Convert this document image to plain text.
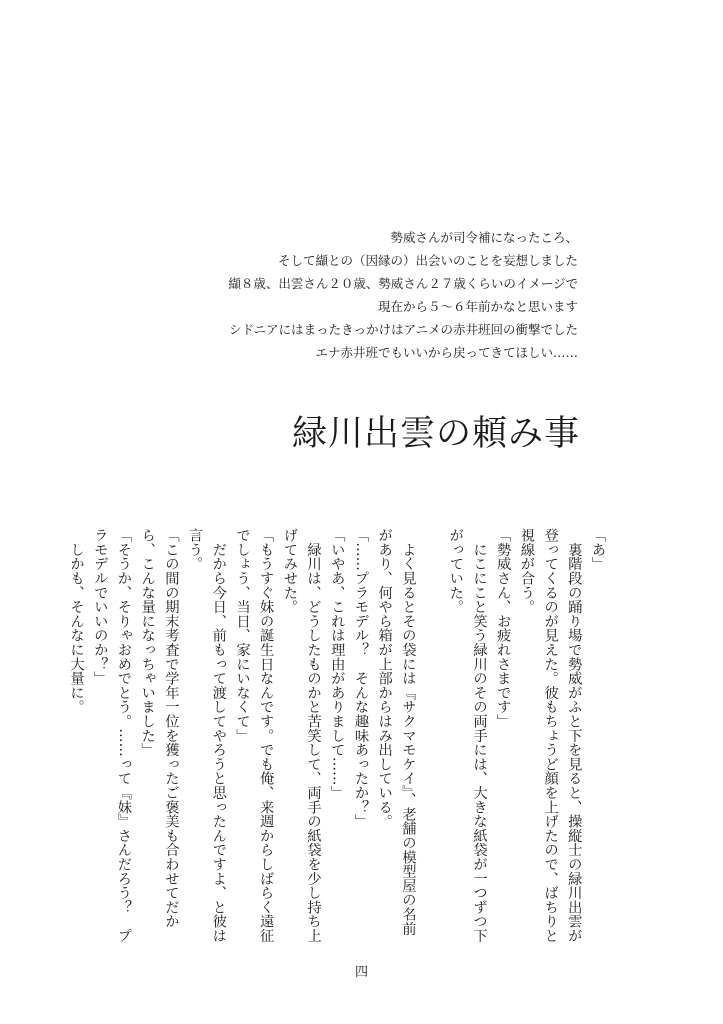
勢威さんが司令補になったころ、
そして纈との（因縁の）出会いのことを妄想しました
纈８歳、出雲さん２０歳、勢威さん２７歳くらいのイメージで
現在から５～６年前かなと思います
シドニアにはまったきっかけはアニメの赤井班回の衝撃でした
エナ赤井班でもいいから戻ってきてほしい……
緑川出雲の頼み事

「あ」

　裏階段の踊り場で勢威がふと下を見ると、操縦士の緑川出雲が登ってくるのが見えた。彼もちょうど顔を上げたので、ばちりと視線が合う。

「勢威さん、お疲れさまです」

　にこにこと笑う緑川のその両手には、大きな紙袋が一つずつ下がっていた。

　よく見るとその袋には『サクマモケイ』、老舗の模型屋の名前があり、何やら箱が上部からはみ出している。

「……プラモデル？　そんな趣味あったか？」

「いやあ、これは理由がありまして……」

　緑川は、どうしたものかと苦笑して、両手の紙袋を少し持ち上げてみせた。

「もうすぐ妹の誕生日なんです。でも俺、来週からしばらく遠征でしょう、当日、家にいなくて」

　だから今日、前もって渡してやろうと思ったんですよ、と彼は言う。

「この間の期末考査で学年一位を獲ったご褒美も合わせてだから、こんな量になっちゃいました」

「そうか、そりゃおめでとう。……って『妹』さんだろう？　プラモデルでいいのか？」

　しかも、そんなに大量に。

四
